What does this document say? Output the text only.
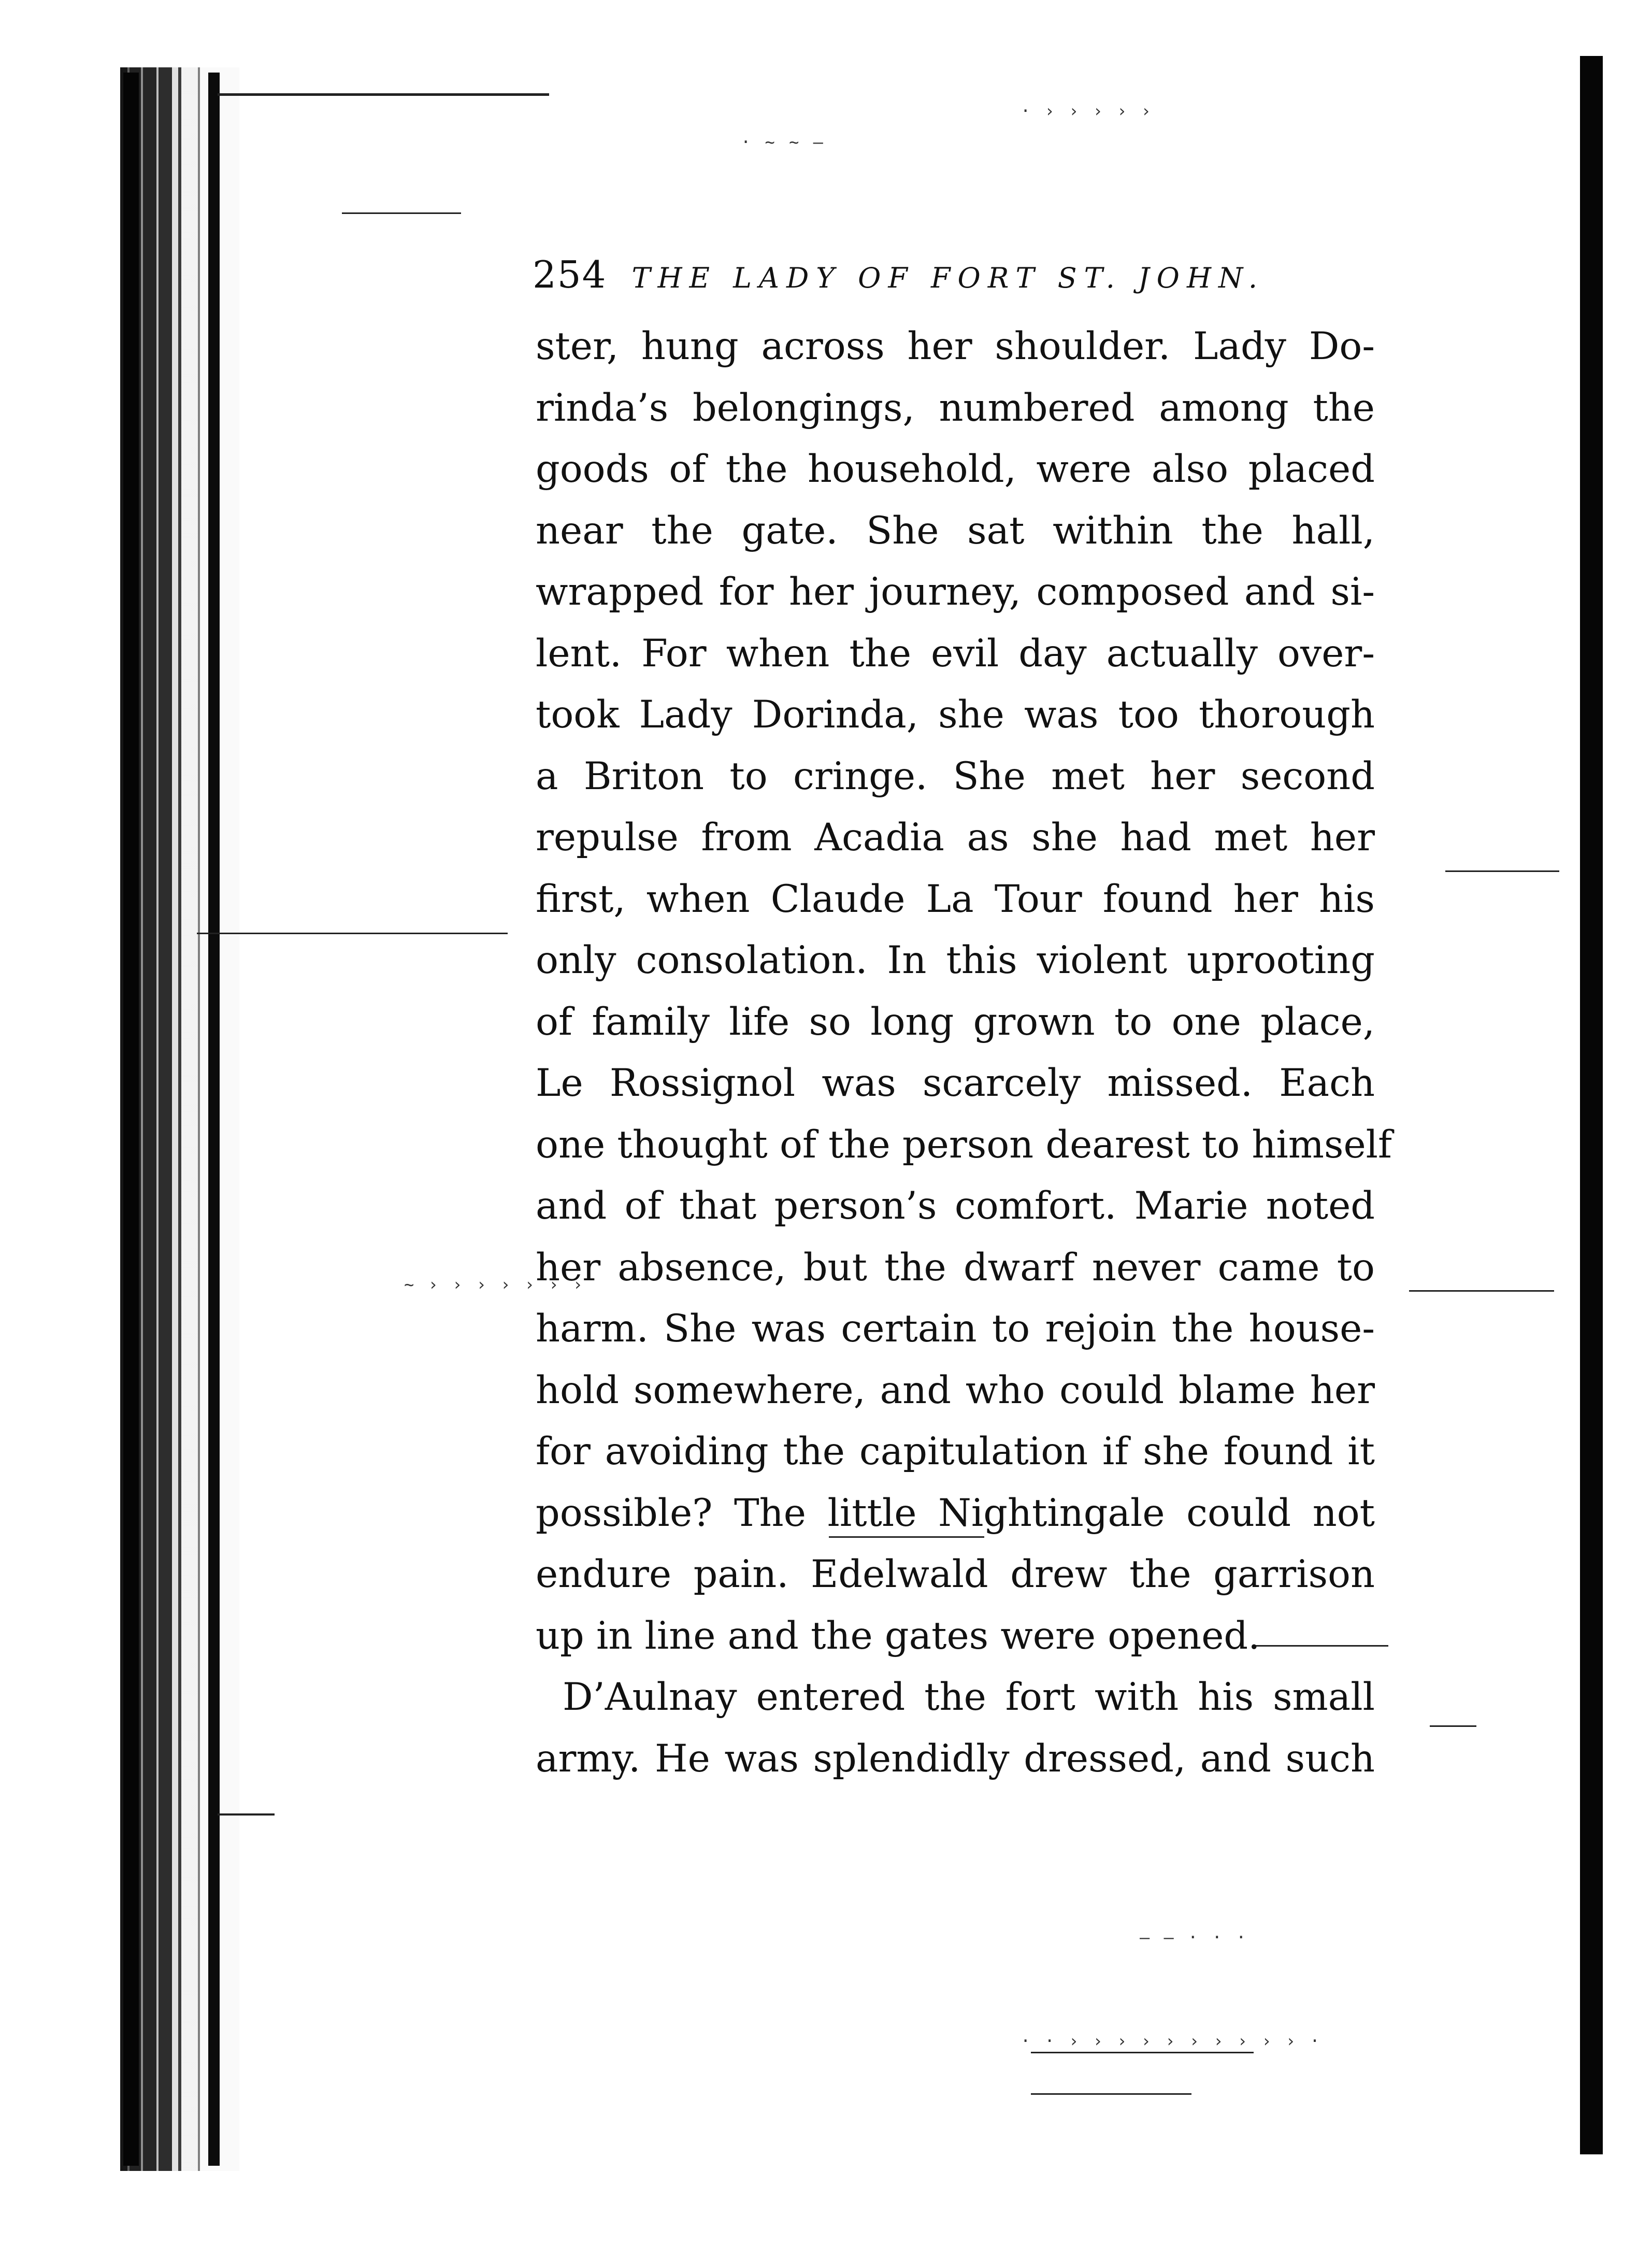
· › › › › ›
· ~ ~ –
~ › › › › › › ›
· · › › › › › › › › › › ·
– – · · ·
254 THE LADY OF FORT ST. JOHN.
ster, hung across her shoulder. Lady Do-
rinda’s belongings, numbered among the
goods of the household, were also placed
near the gate. She sat within the hall,
wrapped for her journey, composed and si-
lent. For when the evil day actually over-
took Lady Dorinda, she was too thorough
a Briton to cringe. She met her second
repulse from Acadia as she had met her
first, when Claude La Tour found her his
only consolation. In this violent uprooting
of family life so long grown to one place,
Le Rossignol was scarcely missed. Each
one thought of the person dearest to himself
and of that person’s comfort. Marie noted
her absence, but the dwarf never came to
harm. She was certain to rejoin the house-
hold somewhere, and who could blame her
for avoiding the capitulation if she found it
possible? The little Nightingale could not
endure pain. Edelwald drew the garrison
up in line and the gates were opened.
D’Aulnay entered the fort with his small
army. He was splendidly dressed, and such
